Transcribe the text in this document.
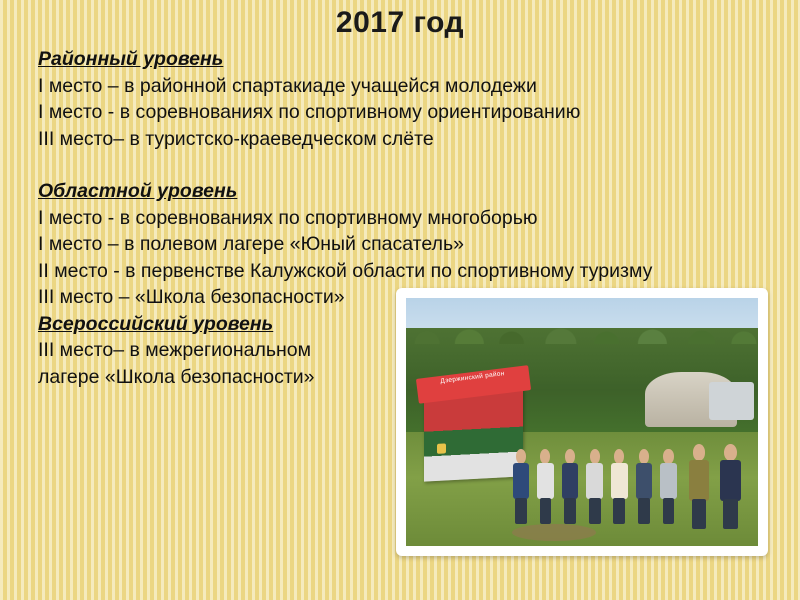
2017 год
Районный уровень
I место – в районной спартакиаде учащейся молодежи
I место - в соревнованиях по спортивному ориентированию
III место– в туристско-краеведческом слёте
Областной уровень
I место - в соревнованиях по спортивному многоборью
I место – в полевом лагере «Юный спасатель»
II место - в первенстве Калужской области по спортивному туризму
III место – «Школа безопасности»
Всероссийский уровень
III место– в межрегиональном
лагере «Школа безопасности»	Дзержинский район
